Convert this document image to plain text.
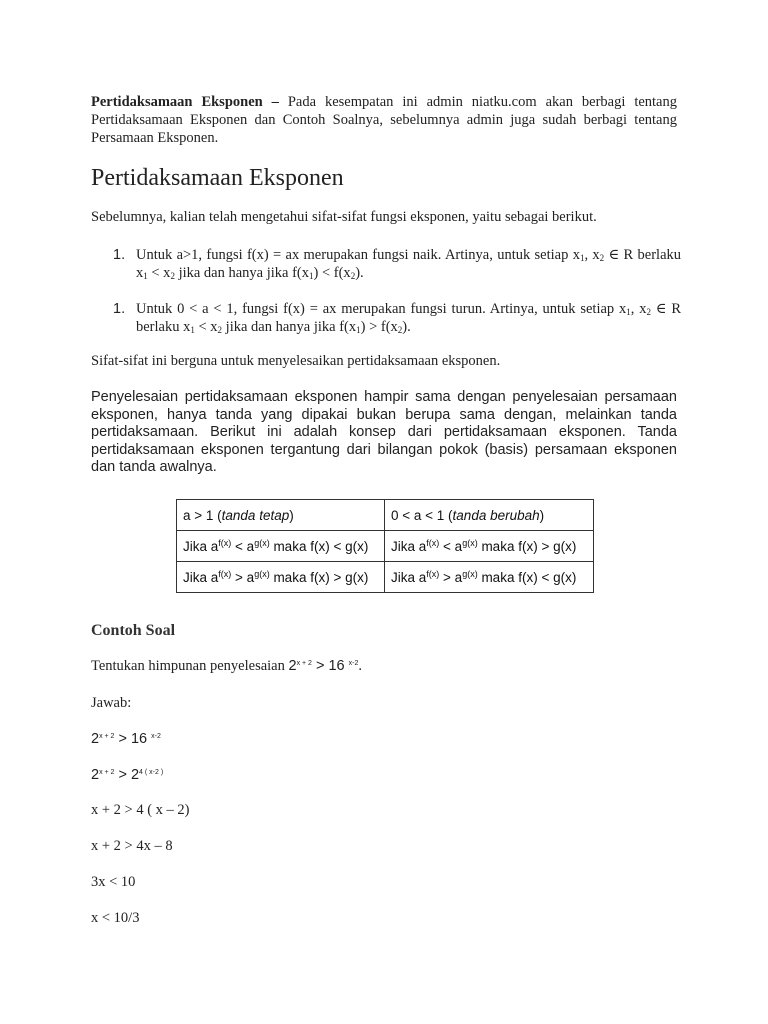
Pertidaksamaan Eksponen – Pada kesempatan ini admin niatku.com akan berbagi tentang Pertidaksamaan Eksponen dan Contoh Soalnya, sebelumnya admin juga sudah berbagi tentang Persamaan Eksponen.

Pertidaksamaan Eksponen

Sebelumnya, kalian telah mengetahui sifat-sifat fungsi eksponen, yaitu sebagai berikut.

1. Untuk a>1, fungsi f(x) = ax merupakan fungsi naik. Artinya, untuk setiap $x_1$, $x_2$ ∈ R berlaku $x_1 < x_2$ jika dan hanya jika $f(x_1) < f(x_2)$.
1. Untuk 0 < a < 1, fungsi f(x) = ax merupakan fungsi turun. Artinya, untuk setiap $x_1$, $x_2$ ∈ R berlaku $x_1 < x_2$ jika dan hanya jika $f(x_1) > f(x_2)$.

Sifat-sifat ini berguna untuk menyelesaikan pertidaksamaan eksponen.

Penyelesaian pertidaksamaan eksponen hampir sama dengan penyelesaian persamaan eksponen, hanya tanda yang dipakai bukan berupa sama dengan, melainkan tanda pertidaksamaan. Berikut ini adalah konsep dari pertidaksamaan eksponen. Tanda pertidaksamaan eksponen tergantung dari bilangan pokok (basis) persamaan eksponen dan tanda awalnya.

a > 1 (tanda tetap)	0 < a < 1 (tanda berubah)
Jika $a^{f(x)} < a^{g(x)}$ maka f(x) < g(x)	Jika $a^{f(x)} < a^{g(x)}$ maka f(x) > g(x)
Jika $a^{f(x)} > a^{g(x)}$ maka f(x) > g(x)	Jika $a^{f(x)} > a^{g(x)}$ maka f(x) < g(x)
Contoh Soal

Tentukan himpunan penyelesaian $2^{x + 2} > 16$ $^{x-2}$.

Jawab:

$2^{x + 2} > 16$ $^{x-2}$

$2^{x + 2} > 2^{4 ( x-2 )}$

x + 2 > 4 ( x – 2)

x + 2 > 4x – 8

3x < 10

x < 10/3
